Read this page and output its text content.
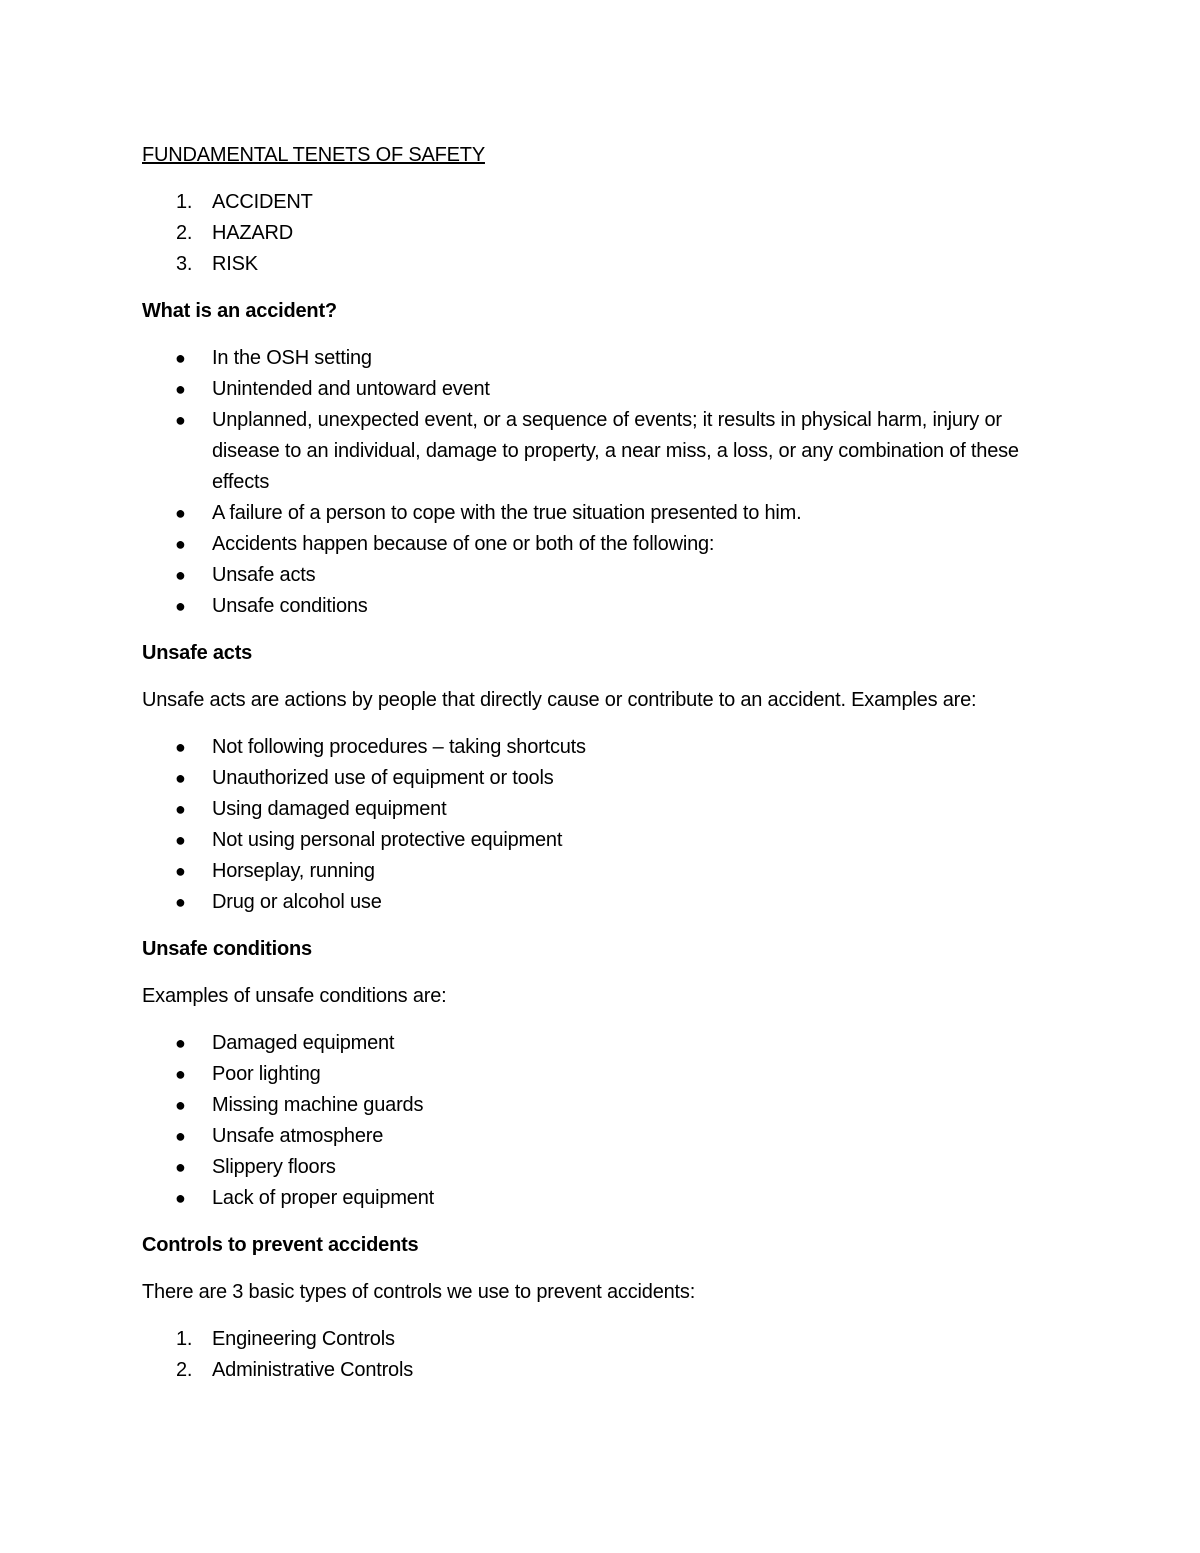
FUNDAMENTAL TENETS OF SAFETY
1. ACCIDENT
2. HAZARD
3. RISK
What is an accident?
● In the OSH setting
● Unintended and untoward event
● Unplanned, unexpected event, or a sequence of events; it results in physical harm, injury or disease to an individual, damage to property, a near miss, a loss, or any combination of these effects
● A failure of a person to cope with the true situation presented to him.
● Accidents happen because of one or both of the following:
● Unsafe acts
● Unsafe conditions
Unsafe acts

Unsafe acts are actions by people that directly cause or contribute to an accident. Examples are:

● Not following procedures – taking shortcuts
● Unauthorized use of equipment or tools
● Using damaged equipment
● Not using personal protective equipment
● Horseplay, running
● Drug or alcohol use
Unsafe conditions

Examples of unsafe conditions are:

● Damaged equipment
● Poor lighting
● Missing machine guards
● Unsafe atmosphere
● Slippery floors
● Lack of proper equipment
Controls to prevent accidents

There are 3 basic types of controls we use to prevent accidents:

1. Engineering Controls
2. Administrative Controls
